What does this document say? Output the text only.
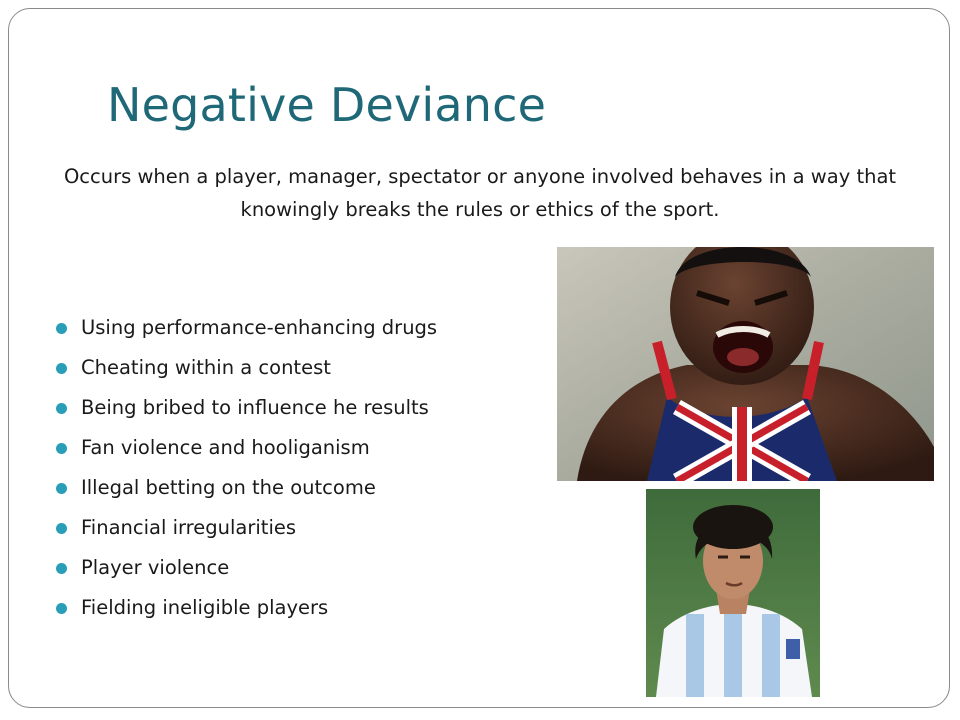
Negative Deviance
Occurs when a player, manager, spectator or anyone involved behaves in a way that knowingly breaks the rules or ethics of the sport.
Using performance-enhancing drugs
Cheating within a contest
Being bribed to influence he results
Fan violence and hooliganism
Illegal betting on the outcome
Financial irregularities
Player violence
Fielding ineligible players
